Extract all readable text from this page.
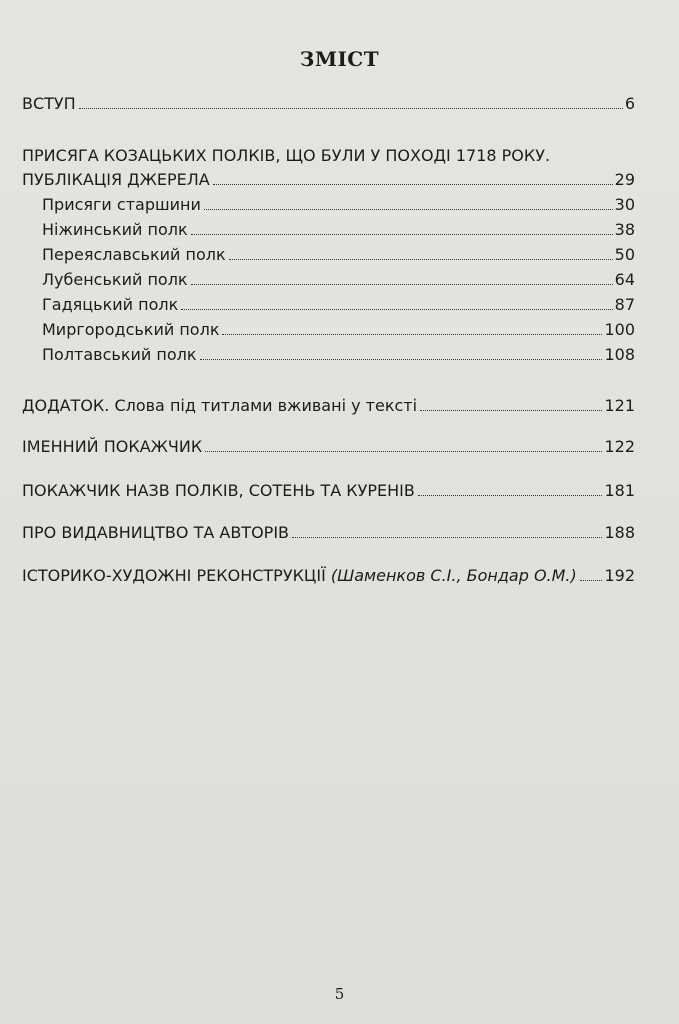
ЗМІСТ
ВСТУП	6
ПРИСЯГА КОЗАЦЬКИХ ПОЛКІВ, ЩО БУЛИ У ПОХОДІ 1718 РОКУ.
ПУБЛІКАЦІЯ ДЖЕРЕЛА	29
Присяги старшини	30
Ніжинський полк	38
Переяславський полк	50
Лубенський полк	64
Гадяцький полк	87
Миргородський полк	100
Полтавський полк	108
ДОДАТОК. Слова під титлами вживані у тексті	121
ІМЕННИЙ ПОКАЖЧИК	122
ПОКАЖЧИК НАЗВ ПОЛКІВ, СОТЕНЬ ТА КУРЕНІВ	181
ПРО ВИДАВНИЦТВО ТА АВТОРІВ	188
ІСТОРИКО-ХУДОЖНІ РЕКОНСТРУКЦІЇ (Шаменков С.І., Бондар О.М.) 192
5
